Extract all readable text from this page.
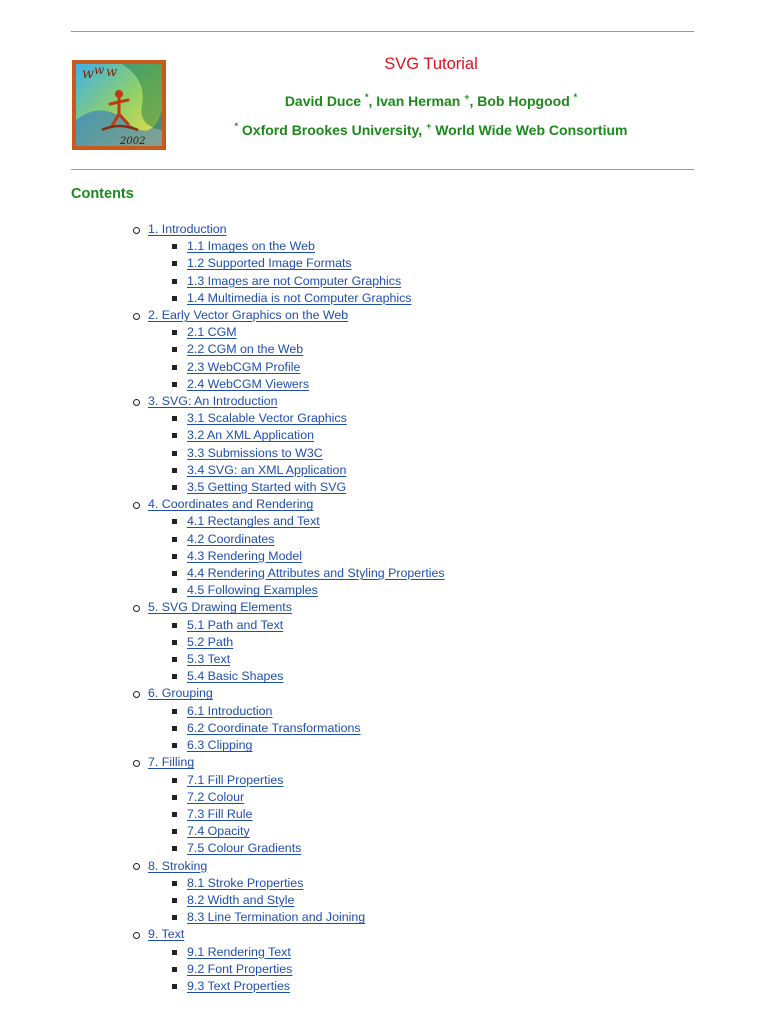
w w w
2002
SVG Tutorial
David Duce *, Ivan Herman +, Bob Hopgood *
* Oxford Brookes University, + World Wide Web Consortium
Contents
1. Introduction
1.1 Images on the Web
1.2 Supported Image Formats
1.3 Images are not Computer Graphics
1.4 Multimedia is not Computer Graphics
2. Early Vector Graphics on the Web
2.1 CGM
2.2 CGM on the Web
2.3 WebCGM Profile
2.4 WebCGM Viewers
3. SVG: An Introduction
3.1 Scalable Vector Graphics
3.2 An XML Application
3.3 Submissions to W3C
3.4 SVG: an XML Application
3.5 Getting Started with SVG
4. Coordinates and Rendering
4.1 Rectangles and Text
4.2 Coordinates
4.3 Rendering Model
4.4 Rendering Attributes and Styling Properties
4.5 Following Examples
5. SVG Drawing Elements
5.1 Path and Text
5.2 Path
5.3 Text
5.4 Basic Shapes
6. Grouping
6.1 Introduction
6.2 Coordinate Transformations
6.3 Clipping
7. Filling
7.1 Fill Properties
7.2 Colour
7.3 Fill Rule
7.4 Opacity
7.5 Colour Gradients
8. Stroking
8.1 Stroke Properties
8.2 Width and Style
8.3 Line Termination and Joining
9. Text
9.1 Rendering Text
9.2 Font Properties
9.3 Text Properties
